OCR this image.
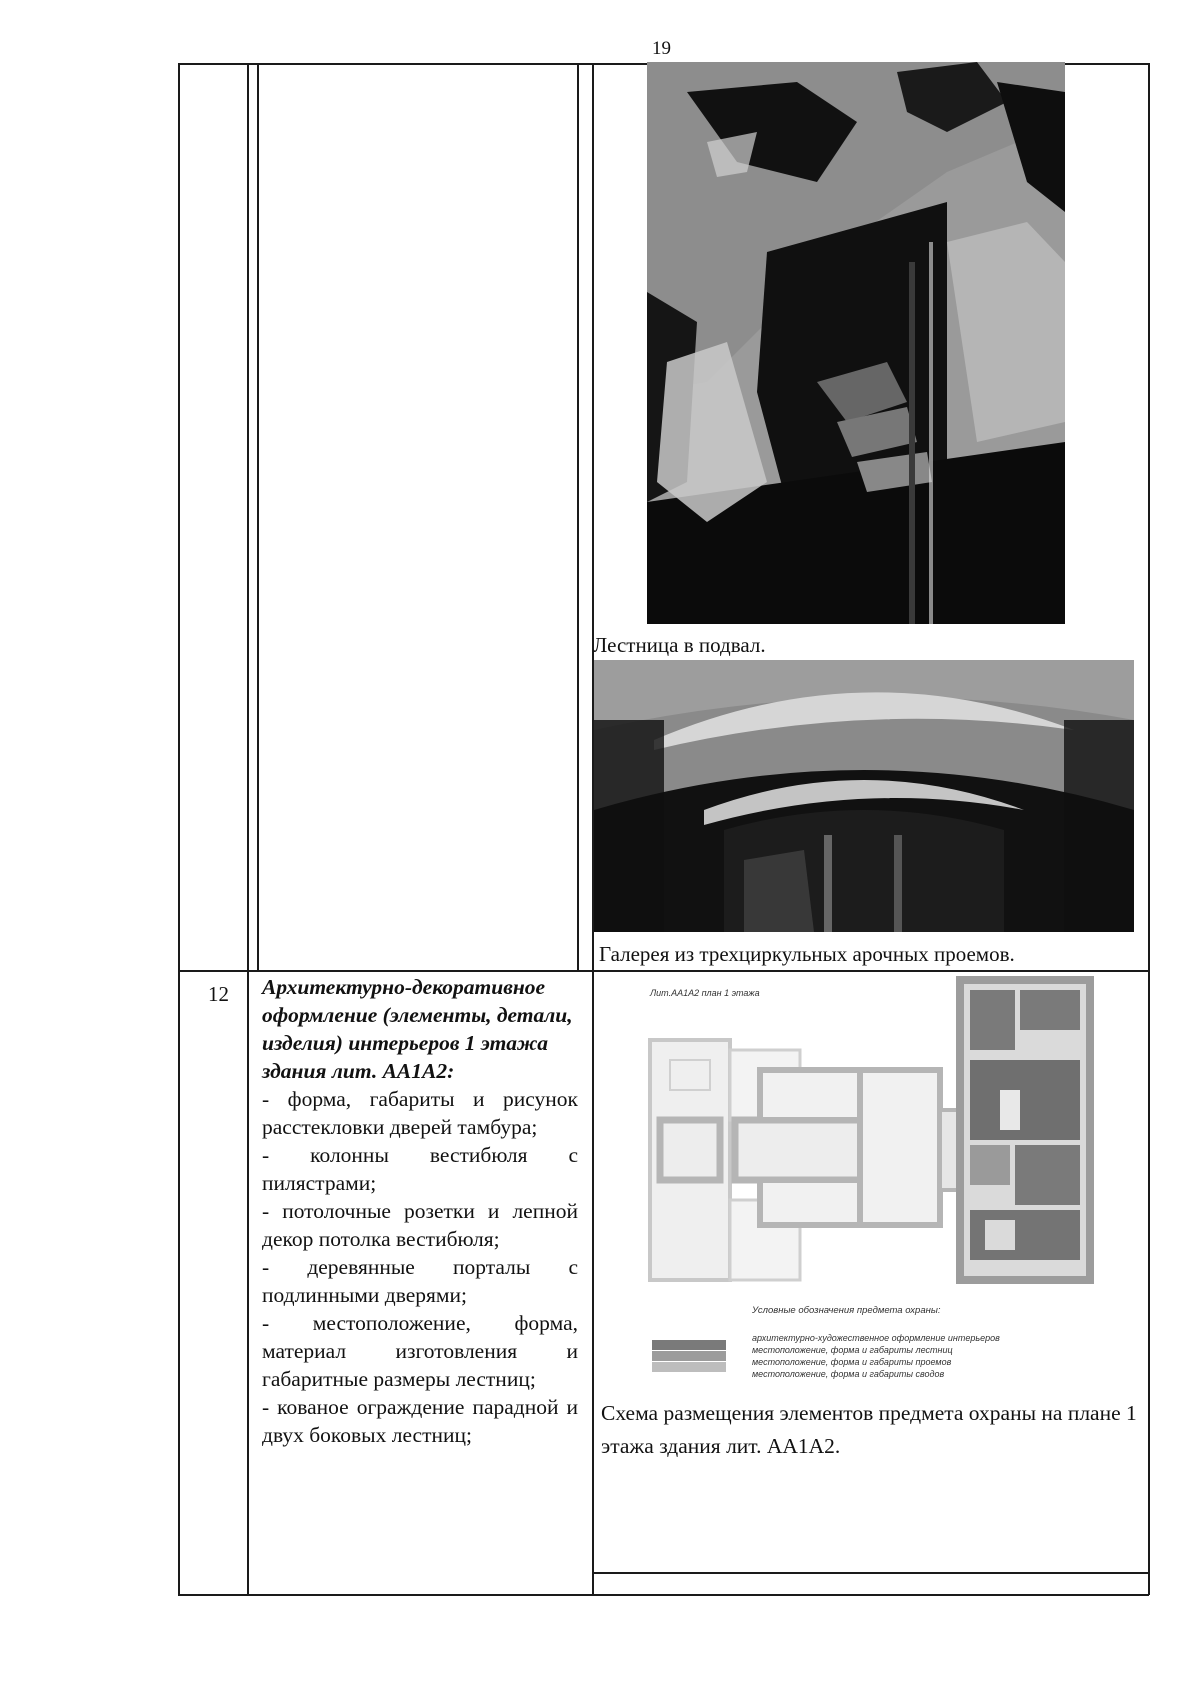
19
Лестница в подвал.
Галерея из трехциркульных арочных проемов.
12 Архитектурно-декоративное оформление (элементы, детали, изделия) интерьеров 1 этажа здания лит. АА1А2:
- форма, габариты и рисунок расстекловки дверей тамбура;
- колонны вестибюля с пилястрами;
- потолочные розетки и лепной декор потолка вестибюля;
- деревянные порталы с подлинными дверями;
- местоположение, форма, материал изготовления и габаритные размеры лестниц;
- кованое ограждение парадной и двух боковых лестниц;
Лит.АА1А2 план 1 этажа
Условные обозначения предмета охраны:
архитектурно-художественное оформление интерьеров
местоположение, форма и габариты лестниц
местоположение, форма и габариты проемов
местоположение, форма и габариты сводов
Схема размещения элементов предмета охраны на плане 1 этажа здания лит. АА1А2.
